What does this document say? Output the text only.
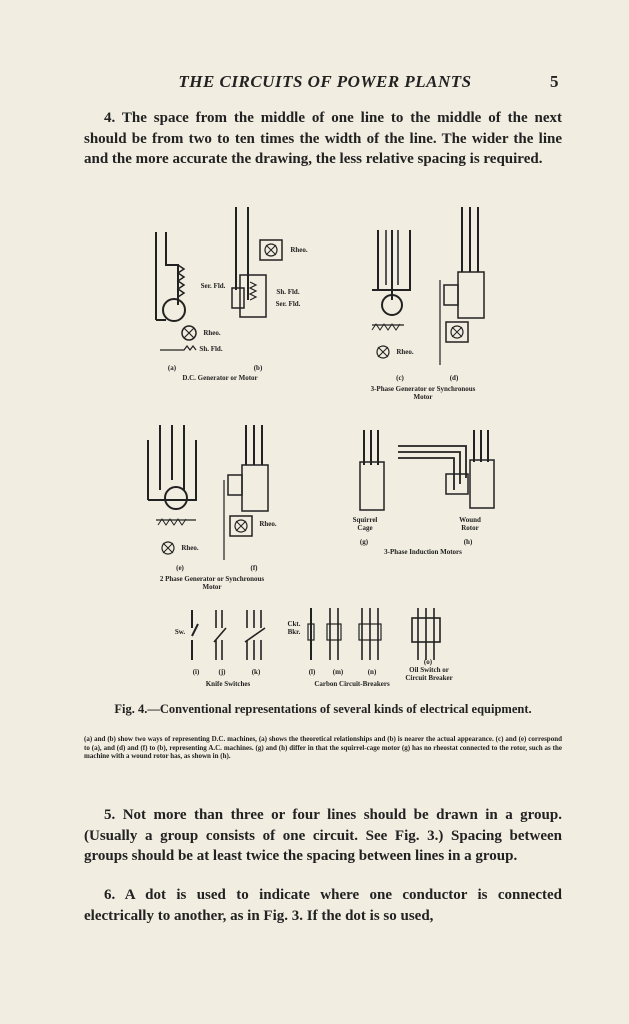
THE CIRCUITS OF POWER PLANTS	5
4. The space from the middle of one line to the middle of the next should be from two to ten times the width of the line. The wider the line and the more accurate the drawing, the less relative spacing is required.
Ser. Fld.
Rheo.
Sh. Fld.
Rheo.
Sh. Fld.
Ser. Fld.
(a)	(b)
D.C. Generator or Motor
Rheo.
(c)	(d)
3-Phase Generator or Synchronous Motor
Rheo.
Rheo.
(e)	(f)
2 Phase Generator or Synchronous Motor
Squirrel Cage
Wound Rotor
(g)	(h)
3-Phase Induction Motors
Sw.
Ckt. Bkr.
(i)	(j)	(k)
Knife Switches
(l)	(m)	(n)
Carbon Circuit-Breakers
(o)
Oil Switch or Circuit Breaker
Fig. 4.—Conventional representations of several kinds of electrical equipment.
(a) and (b) show two ways of representing D.C. machines, (a) shows the theoretical relationships and (b) is nearer the actual appearance. (c) and (e) correspond to (a), and (d) and (f) to (b), representing A.C. machines. (g) and (h) differ in that the squirrel-cage motor (g) has no rheostat connected to the rotor, such as the machine with a wound rotor has, as shown in (h).
5. Not more than three or four lines should be drawn in a group. (Usually a group consists of one circuit. See Fig. 3.) Spacing between groups should be at least twice the spacing between lines in a group.
6. A dot is used to indicate where one conductor is connected electrically to another, as in Fig. 3. If the dot is so used,
